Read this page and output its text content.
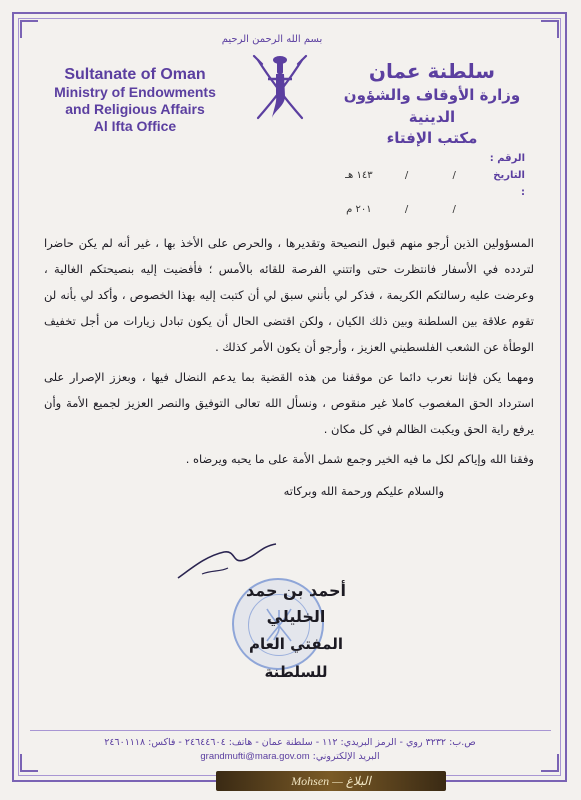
Sultanate of Oman
Ministry of Endowments
and Religious Affairs
Al Ifta Office
بسم الله الرحمن الرحيم
سلطنة عمان
وزارة الأوقاف والشؤون الدينية
مكتب الإفتاء
الرقم :
التاريخ :
/
/
١٤٣ هـ
/
/
٢٠١ م

المسؤولين الذين أرجو منهم قبول النصيحة وتقديرها ، والحرص على الأخذ بها ، غير أنه لم يكن حاضرا لتردده في الأسفار فانتظرت حتى واتتني الفرصة للقائه بالأمس ؛ فأفضيت إليه بنصيحتكم الغالية ، وعرضت عليه رسالتكم الكريمة ، فذكر لي بأنني سبق لي أن كتبت إليه بهذا الخصوص ، وأكد لي بأنه لن تقوم علاقة بين السلطنة وبين ذلك الكيان ، ولكن اقتضى الحال أن يكون تبادل زيارات من أجل تخفيف الوطأة عن الشعب الفلسطيني العزيز ، وأرجو أن يكون الأمر كذلك .

ومهما يكن فإننا نعرب دائما عن موقفنا من هذه القضية بما يدعم النضال فيها ، وبعزز الإصرار على استرداد الحق المغصوب كاملا غير منقوص ، ونسأل الله تعالى التوفيق والنصر العزيز لجميع الأمة وأن يرفع راية الحق ويكبت الظالم في كل مكان .

وفقنا الله وإياكم لكل ما فيه الخير وجمع شمل الأمة على ما يحبه ويرضاه .

والسلام عليكم ورحمة الله وبركاته

أحمد بن حمد الخليلي
المفتي العام للسلطنة
ص.ب: ٣٢٣٢ روي - الرمز البريدي: ١١٢ - سلطنة عمان - هاتف: ٢٤٦٤٤٦٠٤ - فاكس: ٢٤٦٠١١١٨
البريد الإلكتروني: grandmufti@mara.gov.om
Mohsen — البلاغ
